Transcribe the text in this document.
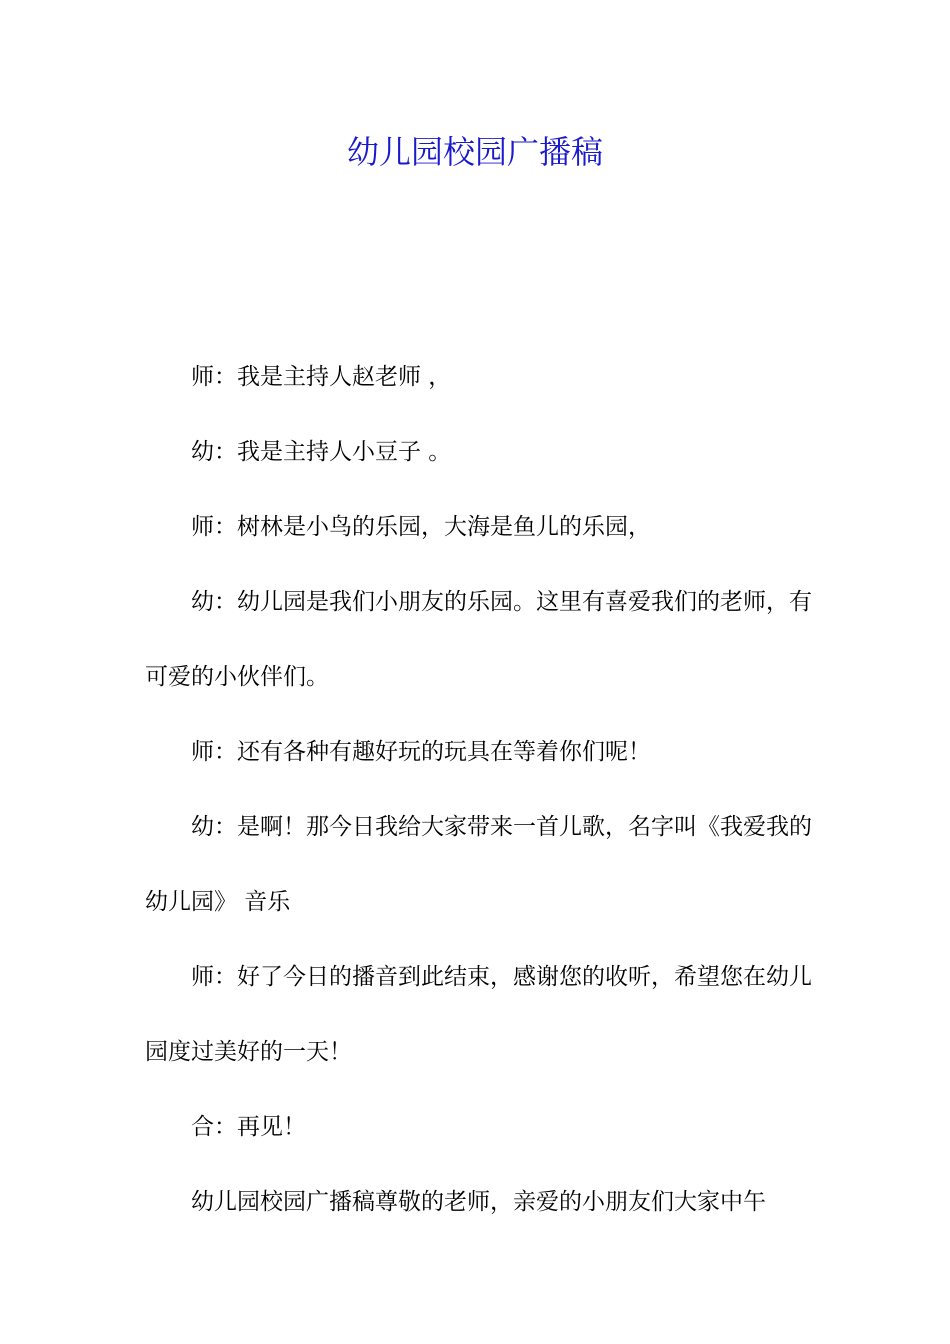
幼儿园校园广播稿

师：我是主持人赵老师 ，

幼：我是主持人小豆子 。

师：树林是小鸟的乐园，大海是鱼儿的乐园，

幼：幼儿园是我们小朋友的乐园。这里有喜爱我们的老师，有可爱的小伙伴们。

师：还有各种有趣好玩的玩具在等着你们呢！

幼：是啊！那今日我给大家带来一首儿歌，名字叫《我爱我的幼儿园》 音乐

师：好了今日的播音到此结束，感谢您的收听，希望您在幼儿园度过美好的一天！

合：再见！

幼儿园校园广播稿尊敬的老师，亲爱的小朋友们大家中午
